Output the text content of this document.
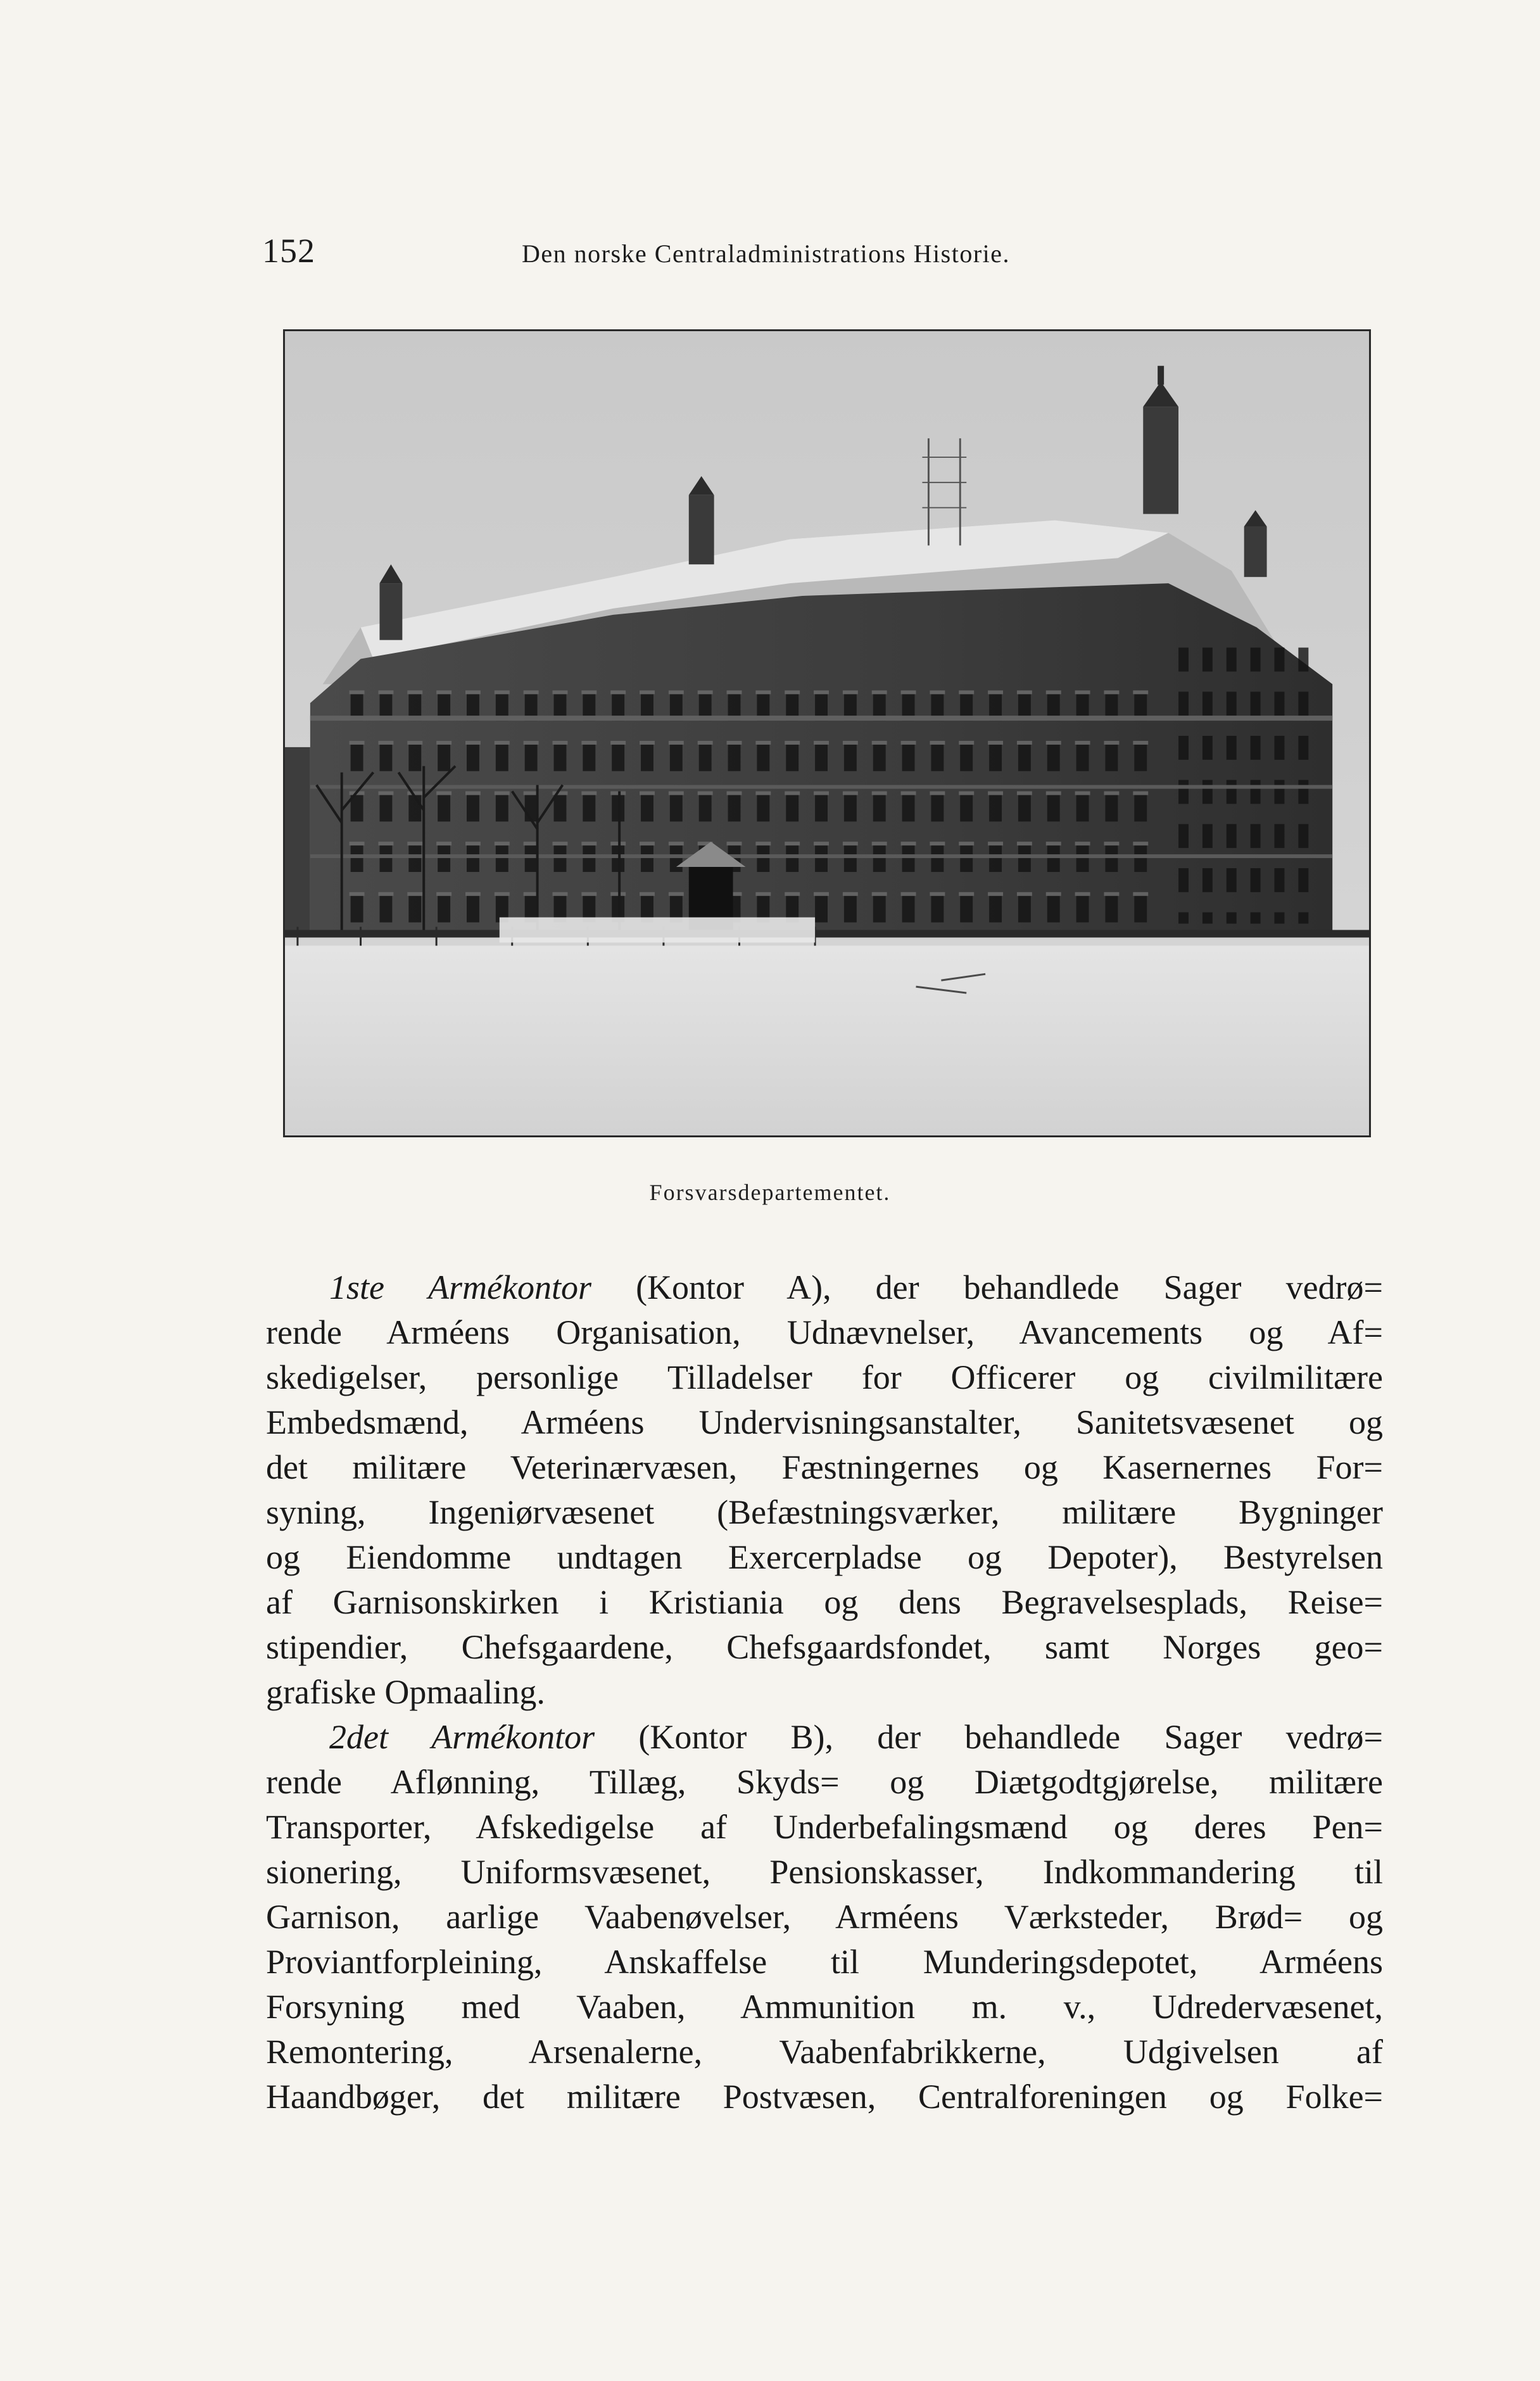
152	Den norske Centraladministrations Historie.
Forsvarsdepartementet.
1ste Armékontor (Kontor A), der behandlede Sager vedrø=
rende Arméens Organisation, Udnævnelser, Avancements og Af=
skedigelser, personlige Tilladelser for Officerer og civilmilitære
Embedsmænd, Arméens Undervisningsanstalter, Sanitetsvæsenet og
det militære Veterinærvæsen, Fæstningernes og Kasernernes For=
syning, Ingeniørvæsenet (Befæstningsværker, militære Bygninger
og Eiendomme undtagen Exercerpladse og Depoter), Bestyrelsen
af Garnisonskirken i Kristiania og dens Begravelsesplads, Reise=
stipendier, Chefsgaardene, Chefsgaardsfondet, samt Norges geo=
grafiske Opmaaling.
2det Armékontor (Kontor B), der behandlede Sager vedrø=
rende Aflønning, Tillæg, Skyds= og Diætgodtgjørelse, militære
Transporter, Afskedigelse af Underbefalingsmænd og deres Pen=
sionering, Uniformsvæsenet, Pensionskasser, Indkommandering til
Garnison, aarlige Vaabenøvelser, Arméens Værksteder, Brød= og
Proviantforpleining, Anskaffelse til Munderingsdepotet, Arméens
Forsyning med Vaaben, Ammunition m. v., Udredervæsenet,
Remontering, Arsenalerne, Vaabenfabrikkerne, Udgivelsen af
Haandbøger, det militære Postvæsen, Centralforeningen og Folke=
